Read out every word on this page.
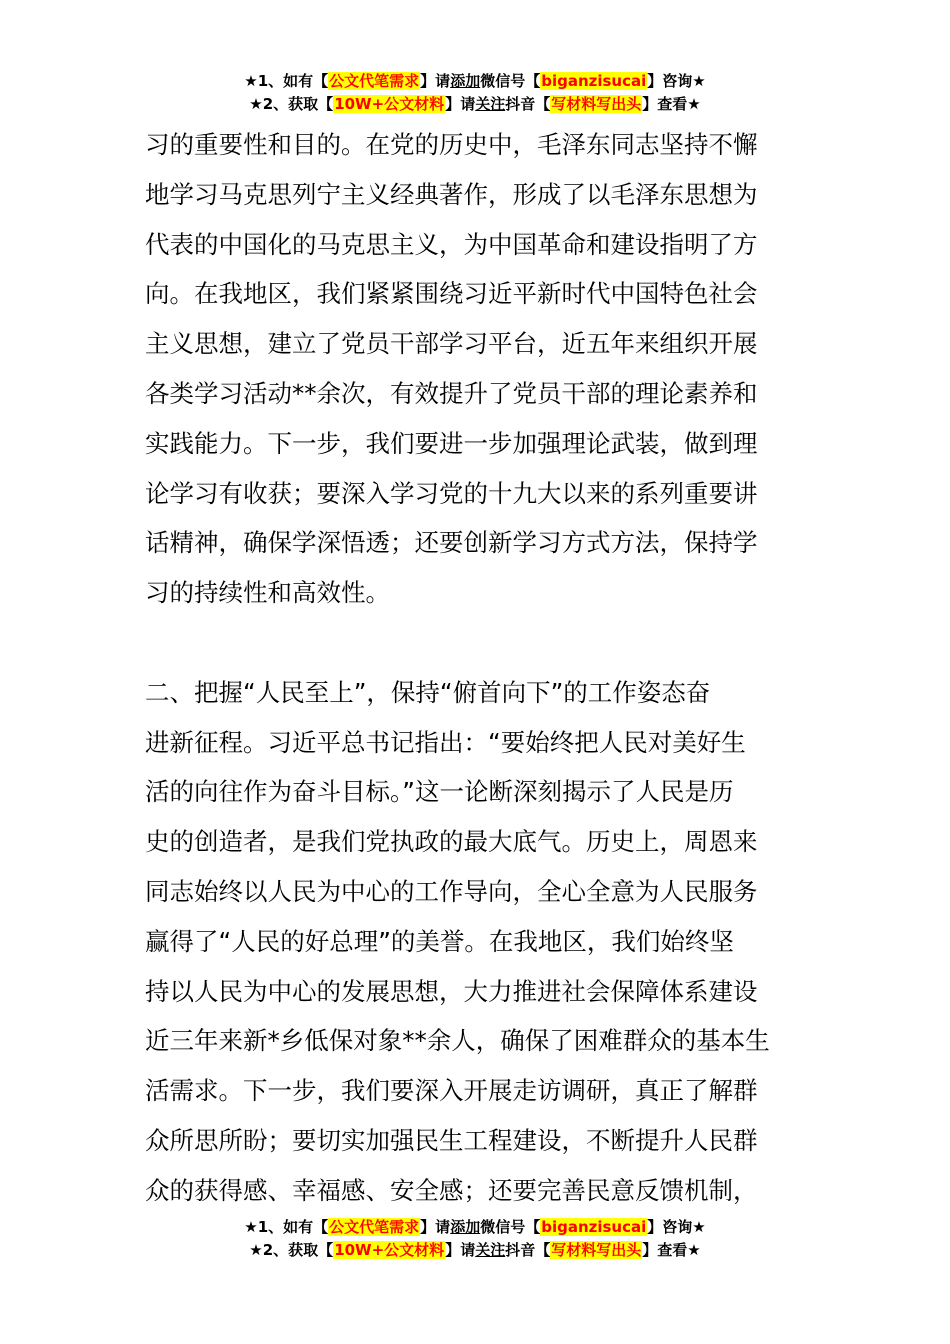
★1、如有【公文代笔需求】请添加微信号【biganzisucai】咨询★
★2、获取【10W+公文材料】请关注抖音【写材料写出头】查看★
习的重要性和目的。在党的历史中，毛泽东同志坚持不懈
地学习马克思列宁主义经典著作，形成了以毛泽东思想为
代表的中国化的马克思主义，为中国革命和建设指明了方
向。在我地区，我们紧紧围绕习近平新时代中国特色社会
主义思想，建立了党员干部学习平台，近五年来组织开展
各类学习活动**余次，有效提升了党员干部的理论素养和
实践能力。下一步，我们要进一步加强理论武装，做到理
论学习有收获；要深入学习党的十九大以来的系列重要讲
话精神，确保学深悟透；还要创新学习方式方法，保持学
习的持续性和高效性。
二、把握“人民至上”，保持“俯首向下”的工作姿态奋
进新征程。习近平总书记指出：“要始终把人民对美好生
活的向往作为奋斗目标。”这一论断深刻揭示了人民是历
史的创造者，是我们党执政的最大底气。历史上，周恩来
同志始终以人民为中心的工作导向，全心全意为人民服务
赢得了“人民的好总理”的美誉。在我地区，我们始终坚
持以人民为中心的发展思想，大力推进社会保障体系建设
近三年来新*乡低保对象**余人，确保了困难群众的基本生
活需求。下一步，我们要深入开展走访调研，真正了解群
众所思所盼；要切实加强民生工程建设，不断提升人民群
众的获得感、幸福感、安全感；还要完善民意反馈机制，
★1、如有【公文代笔需求】请添加微信号【biganzisucai】咨询★
★2、获取【10W+公文材料】请关注抖音【写材料写出头】查看★
